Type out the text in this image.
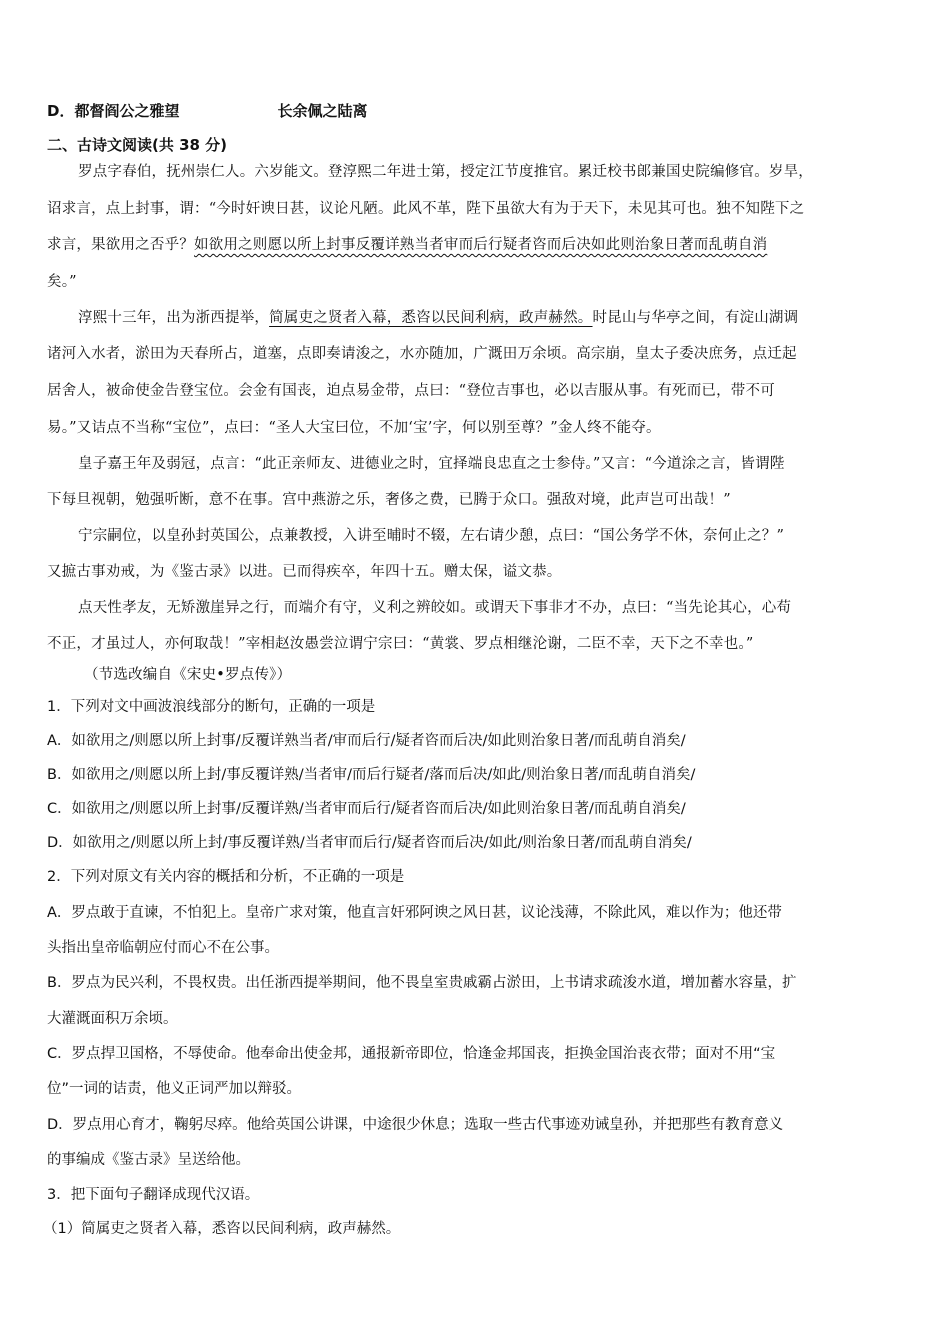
D．都督阎公之雅望	长余佩之陆离
二、古诗文阅读(共 38 分)
罗点字春伯，抚州崇仁人。六岁能文。登淳熙二年进士第，授定江节度推官。累迁校书郎兼国史院编修官。岁旱，
诏求言，点上封事，谓：“今时奸谀日甚，议论凡陋。此风不革，陛下虽欲大有为于天下，未见其可也。独不知陛下之
求言，果欲用之否乎？如欲用之则愿以所上封事反覆详熟当者审而后行疑者咨而后决如此则治象日著而乱萌自消
矣。”
淳熙十三年，出为浙西提举，简属吏之贤者入幕，悉咨以民间利病，政声赫然。时昆山与华亭之间，有淀山湖调
诸河入水者，淤田为天春所占，道塞，点即奏请浚之，水亦随加，广溉田万余顷。高宗崩，皇太子委决庶务，点迁起
居舍人，被命使金告登宝位。会金有国丧，迫点易金带，点曰：“登位吉事也，必以吉服从事。有死而已，带不可
易。”又诘点不当称“宝位”，点曰：“圣人大宝曰位，不加‘宝’字，何以别至尊？”金人终不能夺。
皇子嘉王年及弱冠，点言：“此正亲师友、进德业之时，宜择端良忠直之士参侍。”又言：“今道涂之言，皆谓陛
下每旦视朝，勉强听断，意不在事。宫中燕游之乐，奢侈之费，已腾于众口。强敌对境，此声岂可出哉！”
宁宗嗣位，以皇孙封英国公，点兼教授，入讲至晡时不辍，左右请少憩，点曰：“国公务学不休，奈何止之？”
又摭古事劝戒，为《鉴古录》以进。已而得疾卒，年四十五。赠太保，谥文恭。
点天性孝友，无矫激崖异之行，而端介有守，义利之辨皎如。或谓天下事非才不办，点曰：“当先论其心，心苟
不正，才虽过人，亦何取哉！”宰相赵汝愚尝泣谓宁宗曰：“黄裳、罗点相继沦谢，二臣不幸，天下之不幸也。”
（节选改编自《宋史•罗点传》）
1．下列对文中画波浪线部分的断句，正确的一项是
A．如欲用之/则愿以所上封事/反覆详熟当者/审而后行/疑者咨而后决/如此则治象日著/而乱萌自消矣/
B．如欲用之/则愿以所上封/事反覆详熟/当者审/而后行疑者/落而后决/如此/则治象日著/而乱萌自消矣/
C．如欲用之/则愿以所上封事/反覆详熟/当者审而后行/疑者咨而后决/如此则治象日著/而乱萌自消矣/
D．如欲用之/则愿以所上封/事反覆详熟/当者审而后行/疑者咨而后决/如此/则治象日著/而乱萌自消矣/
2．下列对原文有关内容的概括和分析，不正确的一项是
A．罗点敢于直谏，不怕犯上。皇帝广求对策，他直言奸邪阿谀之风日甚，议论浅薄，不除此风，难以作为；他还带
头指出皇帝临朝应付而心不在公事。
B．罗点为民兴利，不畏权贵。出任浙西提举期间，他不畏皇室贵戚霸占淤田，上书请求疏浚水道，增加蓄水容量，扩
大灌溉面积万余顷。
C．罗点捍卫国格，不辱使命。他奉命出使金邦，通报新帝即位，恰逢金邦国丧，拒换金国治丧衣带；面对不用“宝
位”一词的诘责，他义正词严加以辩驳。
D．罗点用心育才，鞠躬尽瘁。他给英国公讲课，中途很少休息；选取一些古代事迹劝诫皇孙，并把那些有教育意义
的事编成《鉴古录》呈送给他。
3．把下面句子翻译成现代汉语。
（1）简属吏之贤者入幕，悉咨以民间利病，政声赫然。
